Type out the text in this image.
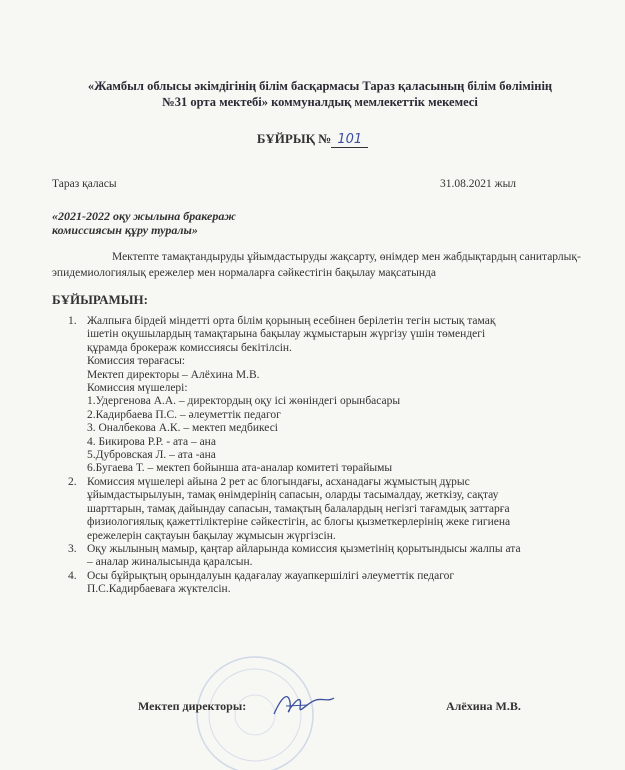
«Жамбыл облысы әкімдігінің білім басқармасы Тараз қаласының білім бөлімінің
№31 орта мектебі» коммуналдық мемлекеттік мекемесі
БҰЙРЫҚ № 101
Тараз қаласы	31.08.2021 жыл
«2021-2022 оқу жылына бракераж
комиссиясын құру туралы»
Мектепте тамақтандыруды ұйымдастыруды жақсарту, өнімдер мен жабдықтардың санитарлық-эпидемиологиялық ережелер мен нормаларға сәйкестігін бақылау мақсатында
БҰЙЫРАМЫН:
1. Жалпыға бірдей міндетті орта білім қорының есебінен берілетін тегін ыстық тамақ
ішетін оқушылардың тамақтарына бақылау жұмыстарын жүргізу үшін төмендегі
құрамда брокераж комиссиясы бекітілсін.
Комиссия төрағасы:
Мектеп директоры – Алёхина М.В.
Комиссия мүшелері:
1.Удергенова А.А. – директордың оқу ісі жөніндегі орынбасары
2.Кадирбаева П.С. – әлеуметтік педагог
3. Оналбекова А.К. – мектеп медбикесі
4. Бикирова Р.Р. - ата – ана
5.Дубровская Л. – ата -ана
6.Бугаева Т. – мектеп бойынша ата-аналар комитеті төрайымы
2. Комиссия мүшелері айына 2 рет ас блогындағы, асханадағы жұмыстың дұрыс
ұйымдастырылуын, тамақ өнімдерінің сапасын, оларды тасымалдау, жеткізу, сақтау
шарттарын, тамақ дайындау сапасын, тамақтың балалардың негізгі тағамдық заттарға
физиологиялық қажеттіліктеріне сәйкестігін, ас блогы қызметкерлерінің жеке гигиена
ережелерін сақтауын бақылау жұмысын жүргізсін.
3. Оқу жылының мамыр, қаңтар айларында комиссия қызметінің қорытындысы жалпы ата
– аналар жиналысында қаралсын.
4. Осы бұйрықтың орындалуын қадағалау жауапкершілігі әлеуметтік педагог
П.С.Кадирбаеваға жүктелсін.
Мектеп директоры:	Алёхина М.В.
